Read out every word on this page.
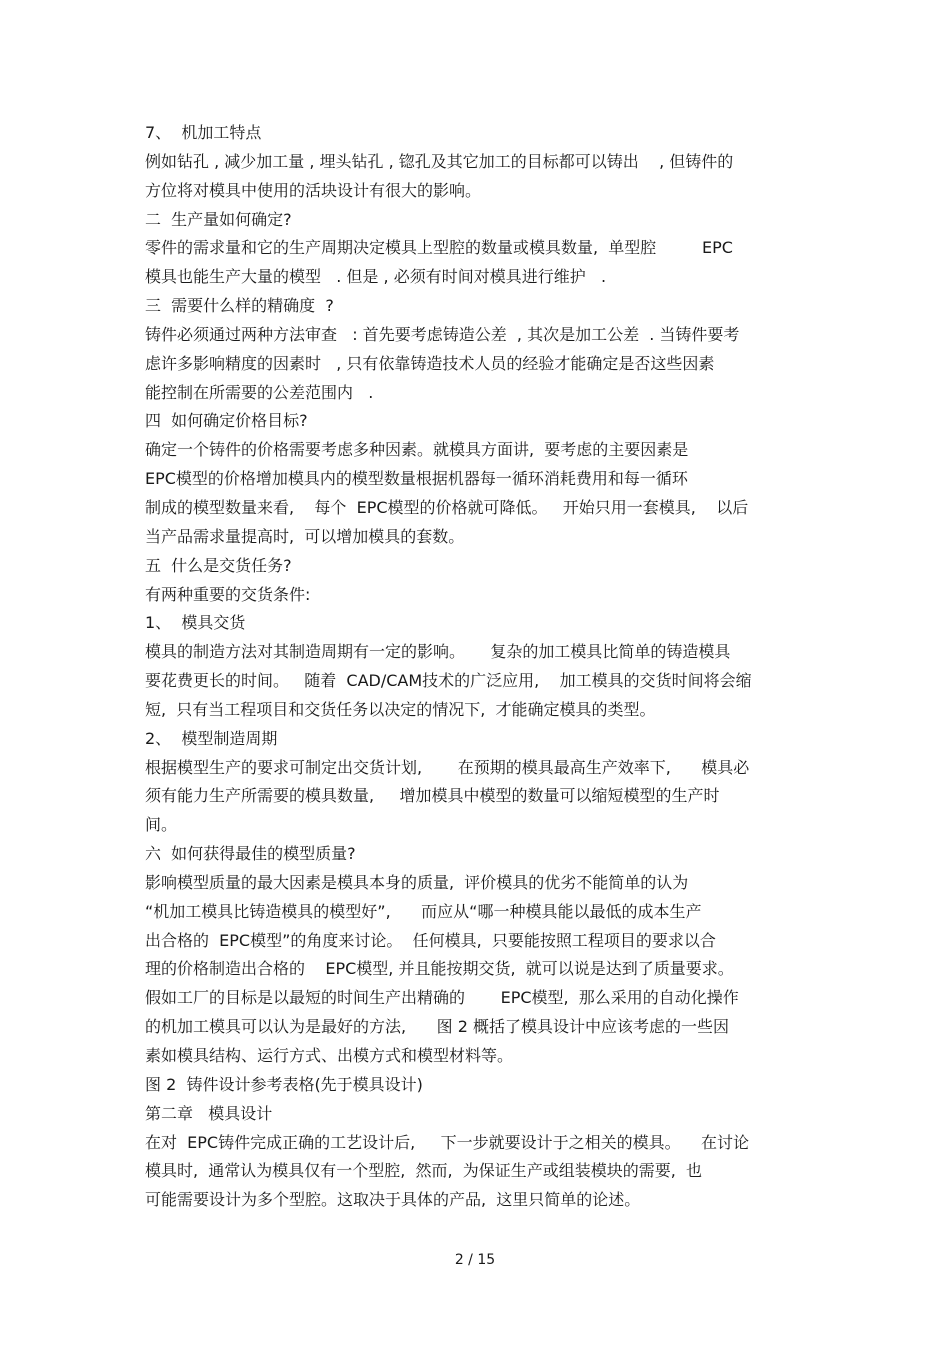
7、  机加工特点
例如钻孔 , 减少加工量 , 埋头钻孔 , 锪孔及其它加工的目标都可以铸出    , 但铸件的
方位将对模具中使用的活块设计有很大的影响。
二  生产量如何确定?
零件的需求量和它的生产周期决定模具上型腔的数量或模具数量,  单型腔         EPC
模具也能生产大量的模型   . 但是 , 必须有时间对模具进行维护   .
三  需要什么样的精确度  ?
铸件必须通过两种方法审查   : 首先要考虑铸造公差  , 其次是加工公差  . 当铸件要考
虑许多影响精度的因素时   , 只有依靠铸造技术人员的经验才能确定是否这些因素
能控制在所需要的公差范围内   .
四  如何确定价格目标?
确定一个铸件的价格需要考虑多种因素。就模具方面讲,  要考虑的主要因素是
EPC模型的价格增加模具内的模型数量根据机器每一循环消耗费用和每一循环
制成的模型数量来看,    每个  EPC模型的价格就可降低。   开始只用一套模具,    以后
当产品需求量提高时,  可以增加模具的套数。
五  什么是交货任务?
有两种重要的交货条件:
1、  模具交货
模具的制造方法对其制造周期有一定的影响。     复杂的加工模具比简单的铸造模具
要花费更长的时间。   随着  CAD/CAM技术的广泛应用,    加工模具的交货时间将会缩
短,  只有当工程项目和交货任务以决定的情况下,  才能确定模具的类型。
2、  模型制造周期
根据模型生产的要求可制定出交货计划,       在预期的模具最高生产效率下,      模具必
须有能力生产所需要的模具数量,     增加模具中模型的数量可以缩短模型的生产时
间。
六  如何获得最佳的模型质量?
影响模型质量的最大因素是模具本身的质量,  评价模具的优劣不能简单的认为
“机加工模具比铸造模具的模型好”,      而应从“哪一种模具能以最低的成本生产
出合格的  EPC模型”的角度来讨论。  任何模具,  只要能按照工程项目的要求以合
理的价格制造出合格的    EPC模型, 并且能按期交货,  就可以说是达到了质量要求。
假如工厂的目标是以最短的时间生产出精确的       EPC模型,  那么采用的自动化操作
的机加工模具可以认为是最好的方法,      图 2 概括了模具设计中应该考虑的一些因
素如模具结构、运行方式、出模方式和模型材料等。
图 2  铸件设计参考表格(先于模具设计)
第二章   模具设计
在对  EPC铸件完成正确的工艺设计后,     下一步就要设计于之相关的模具。    在讨论
模具时,  通常认为模具仅有一个型腔,  然而,  为保证生产或组装模块的需要,  也
可能需要设计为多个型腔。这取决于具体的产品,  这里只简单的论述。
2 / 15
